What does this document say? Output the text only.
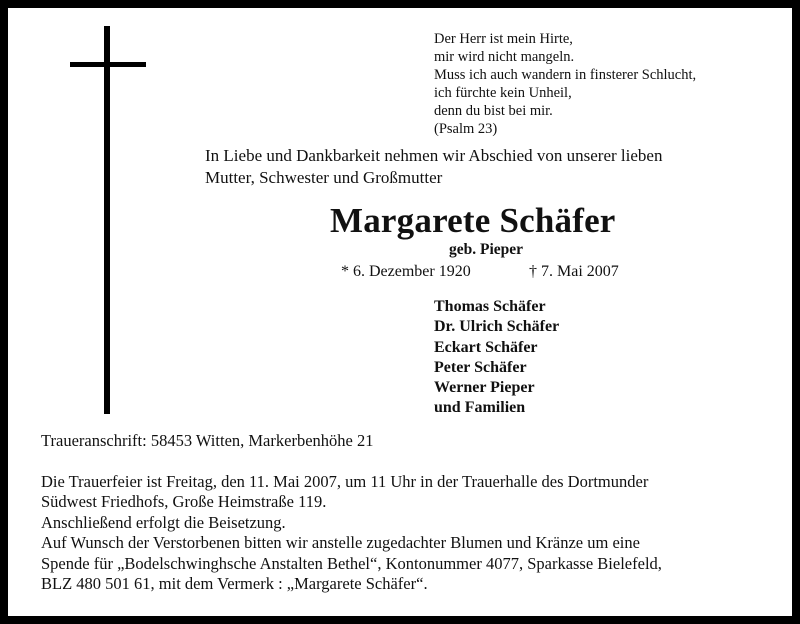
Der Herr ist mein Hirte,
mir wird nicht mangeln.
Muss ich auch wandern in finsterer Schlucht,
ich fürchte kein Unheil,
denn du bist bei mir.
(Psalm 23)
In Liebe und Dankbarkeit nehmen wir Abschied von unserer lieben
Mutter, Schwester und Großmutter
Margarete Schäfer
geb. Pieper
* 6. Dezember 1920	† 7. Mai 2007
Thomas Schäfer
Dr. Ulrich Schäfer
Eckart Schäfer
Peter Schäfer
Werner Pieper
und Familien
Traueranschrift: 58453 Witten, Markerbenhöhe 21
Die Trauerfeier ist Freitag, den 11. Mai 2007, um 11 Uhr in der Trauerhalle des Dortmunder
Südwest Friedhofs, Große Heimstraße 119.
Anschließend erfolgt die Beisetzung.
Auf Wunsch der Verstorbenen bitten wir anstelle zugedachter Blumen und Kränze um eine
Spende für „Bodelschwinghsche Anstalten Bethel“, Kontonummer 4077, Sparkasse Bielefeld,
BLZ 480 501 61, mit dem Vermerk : „Margarete Schäfer“.
